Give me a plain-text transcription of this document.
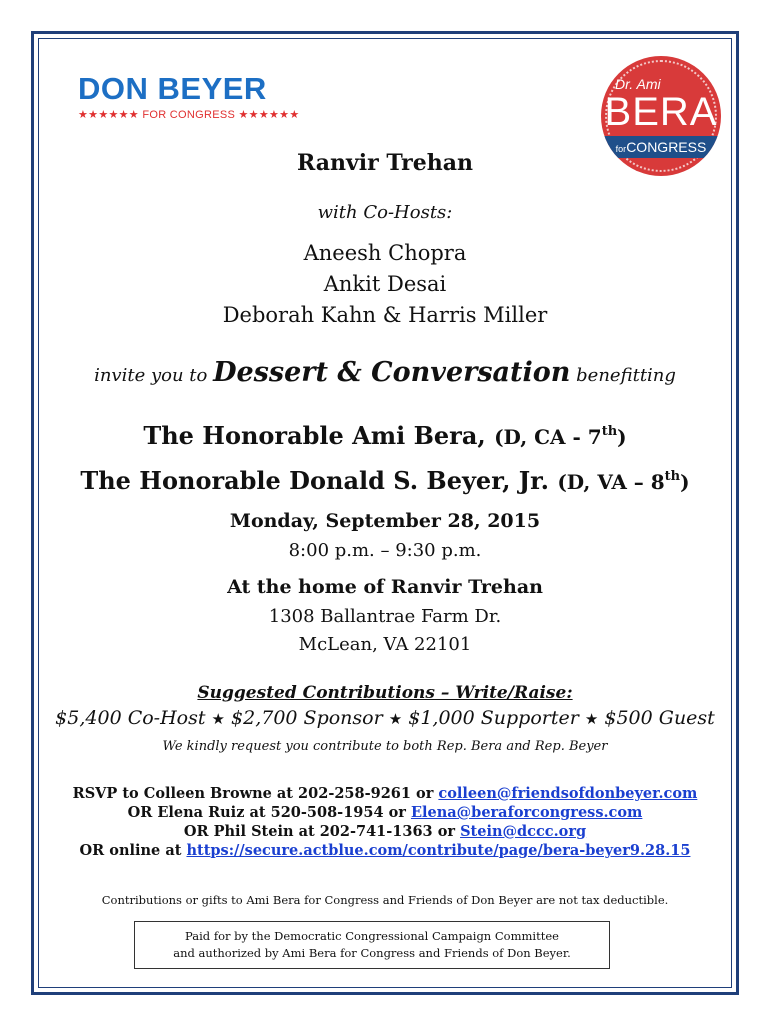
DON BEYER
★★★★★★ FOR CONGRESS ★★★★★★
Dr. Ami
BERA
forCONGRESS
Ranvir Trehan
with Co-Hosts:
Aneesh Chopra
Ankit Desai
Deborah Kahn & Harris Miller
invite you to Dessert & Conversation benefitting
The Honorable Ami Bera, (D, CA - 7th)
The Honorable Donald S. Beyer, Jr. (D, VA – 8th)
Monday, September 28, 2015
8:00 p.m. – 9:30 p.m.
At the home of Ranvir Trehan
1308 Ballantrae Farm Dr.
McLean, VA 22101
Suggested Contributions – Write/Raise:
$5,400 Co-Host ★ $2,700 Sponsor ★ $1,000 Supporter ★ $500 Guest
We kindly request you contribute to both Rep. Bera and Rep. Beyer
RSVP to Colleen Browne at 202-258-9261 or colleen@friendsofdonbeyer.com
OR Elena Ruiz at 520-508-1954 or Elena@beraforcongress.com
OR Phil Stein at 202-741-1363 or Stein@dccc.org
OR online at https://secure.actblue.com/contribute/page/bera-beyer9.28.15
Contributions or gifts to Ami Bera for Congress and Friends of Don Beyer are not tax deductible.
Paid for by the Democratic Congressional Campaign Committee
and authorized by Ami Bera for Congress and Friends of Don Beyer.
